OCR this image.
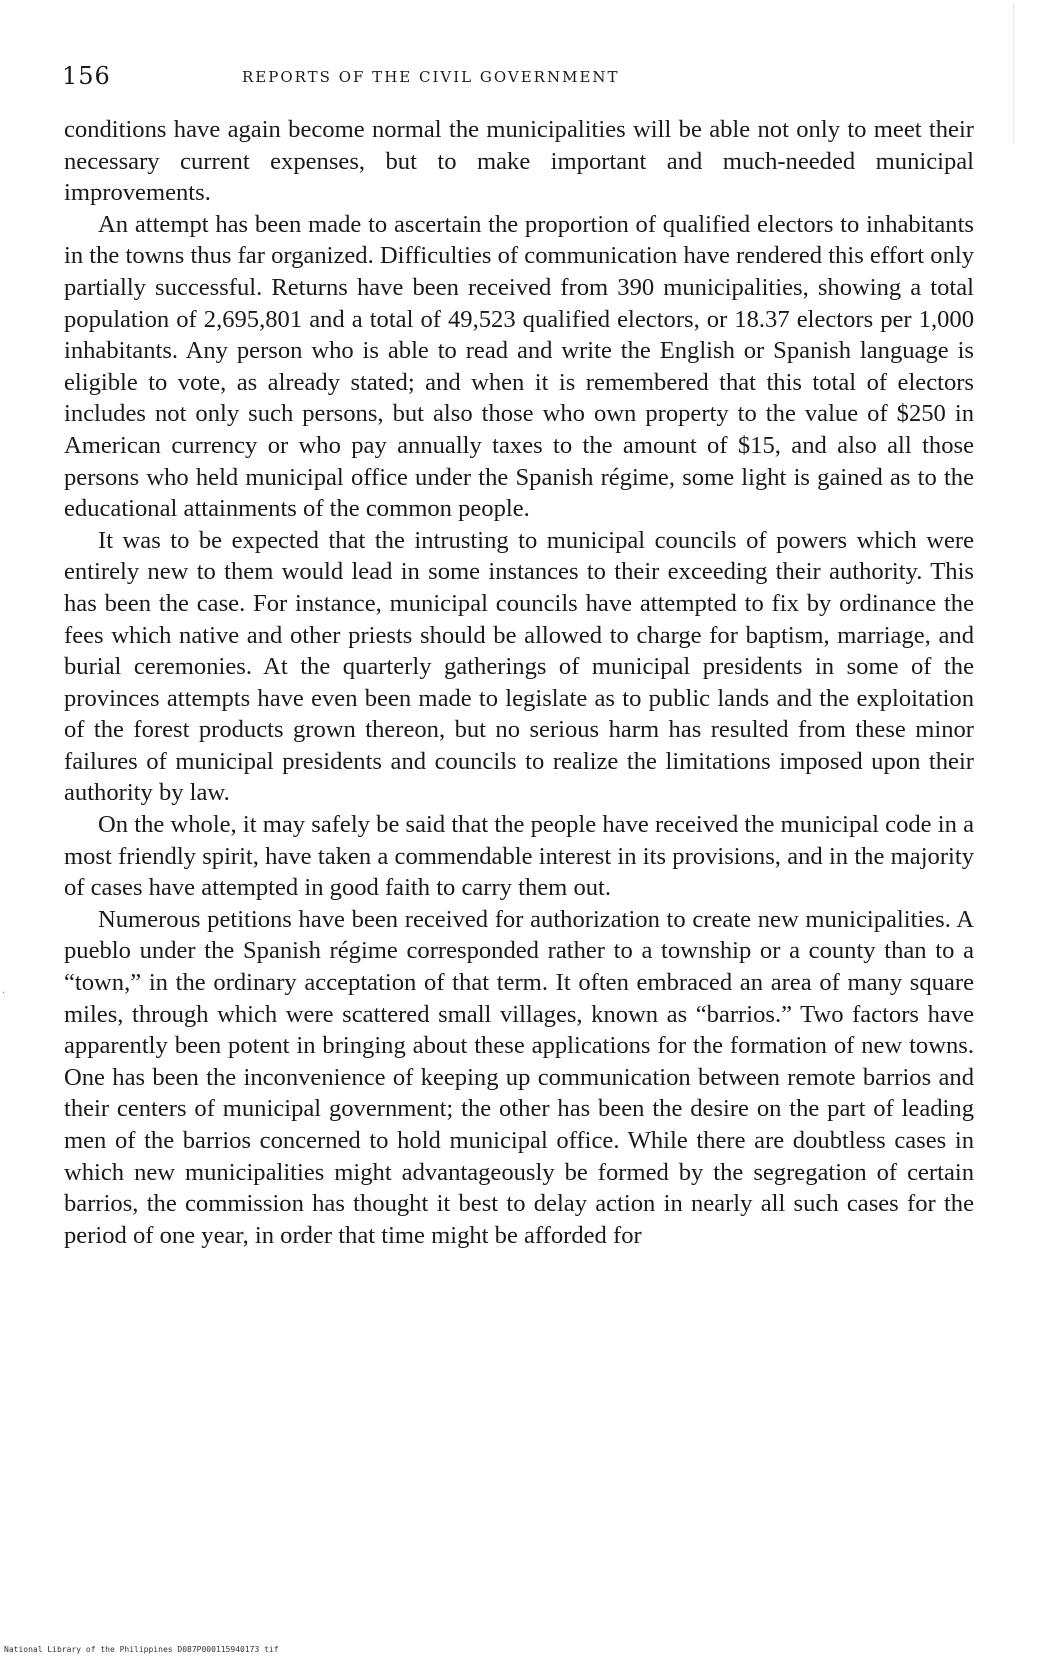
156	REPORTS OF THE CIVIL GOVERNMENT

conditions have again become normal the municipalities will be able not only to meet their necessary current expenses, but to make important and much-needed municipal improvements.

An attempt has been made to ascertain the proportion of qualified electors to inhabitants in the towns thus far organized. Difficulties of communication have rendered this effort only partially successful. Returns have been received from 390 municipalities, showing a total population of 2,695,801 and a total of 49,523 qualified electors, or 18.37 electors per 1,000 inhabitants. Any person who is able to read and write the English or Spanish language is eligible to vote, as already stated; and when it is remembered that this total of electors includes not only such persons, but also those who own property to the value of $250 in American currency or who pay annually taxes to the amount of $15, and also all those persons who held municipal office under the Spanish régime, some light is gained as to the educational attainments of the common people.

It was to be expected that the intrusting to municipal councils of powers which were entirely new to them would lead in some instances to their exceeding their authority. This has been the case. For instance, municipal councils have attempted to fix by ordinance the fees which native and other priests should be allowed to charge for baptism, marriage, and burial ceremonies. At the quarterly gatherings of municipal presidents in some of the provinces attempts have even been made to legislate as to public lands and the exploitation of the forest products grown thereon, but no serious harm has resulted from these minor failures of municipal presidents and councils to realize the limitations imposed upon their authority by law.

On the whole, it may safely be said that the people have received the municipal code in a most friendly spirit, have taken a commendable interest in its provisions, and in the majority of cases have attempted in good faith to carry them out.

Numerous petitions have been received for authorization to create new municipalities. A pueblo under the Spanish régime corresponded rather to a township or a county than to a “town,” in the ordinary acceptation of that term. It often embraced an area of many square miles, through which were scattered small villages, known as “barrios.” Two factors have apparently been potent in bringing about these applications for the formation of new towns. One has been the inconvenience of keeping up communication between remote barrios and their centers of municipal government; the other has been the desire on the part of leading men of the barrios concerned to hold municipal office. While there are doubtless cases in which new municipalities might advantageously be formed by the segregation of certain barrios, the commission has thought it best to delay action in nearly all such cases for the period of one year, in order that time might be afforded for

·
National Library of the Philippines D087P000115940173 tif
